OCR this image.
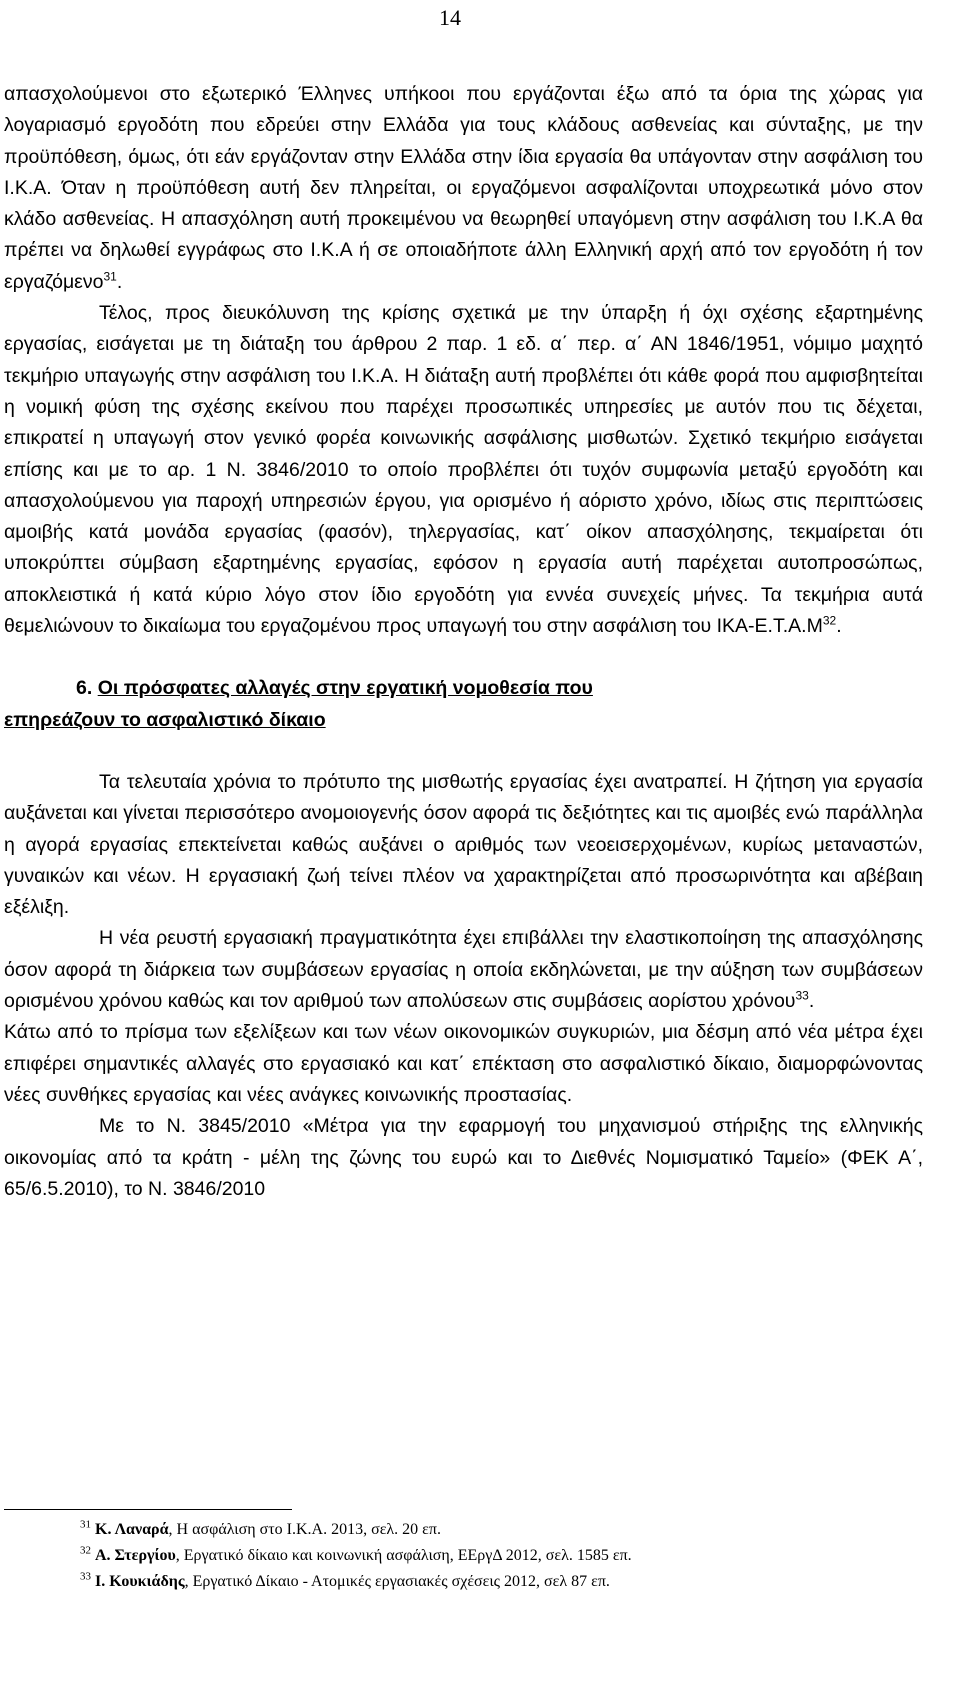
14

απασχολούμενοι στο εξωτερικό Έλληνες υπήκοοι που εργάζονται έξω από τα όρια της χώρας για λογαριασμό εργοδότη που εδρεύει στην Ελλάδα για τους κλάδους ασθενείας και σύνταξης, με την προϋπόθεση, όμως, ότι εάν εργάζονταν στην Ελλάδα στην ίδια εργασία θα υπάγονταν στην ασφάλιση του Ι.Κ.Α. Όταν η προϋπόθεση αυτή δεν πληρείται, οι εργαζόμενοι ασφαλίζονται υποχρεωτικά μόνο στον κλάδο ασθενείας. Η απασχόληση αυτή προκειμένου να θεωρηθεί υπαγόμενη στην ασφάλιση του Ι.Κ.Α θα πρέπει να δηλωθεί εγγράφως στο Ι.Κ.Α ή σε οποιαδήποτε άλλη Ελληνική αρχή από τον εργοδότη ή τον εργαζόμενο$^{31}$.

Τέλος, προς διευκόλυνση της κρίσης σχετικά με την ύπαρξη ή όχι σχέσης εξαρτημένης εργασίας, εισάγεται με τη διάταξη του άρθρου 2 παρ. 1 εδ. α΄ περ. α΄ ΑΝ 1846/1951, νόμιμο μαχητό τεκμήριο υπαγωγής στην ασφάλιση του Ι.Κ.Α. Η διάταξη αυτή προβλέπει ότι κάθε φορά που αμφισβητείται η νομική φύση της σχέσης εκείνου που παρέχει προσωπικές υπηρεσίες με αυτόν που τις δέχεται, επικρατεί η υπαγωγή στον γενικό φορέα κοινωνικής ασφάλισης μισθωτών. Σχετικό τεκμήριο εισάγεται επίσης και με το αρ. 1 Ν. 3846/2010 το οποίο προβλέπει ότι τυχόν συμφωνία μεταξύ εργοδότη και απασχολούμενου για παροχή υπηρεσιών έργου, για ορισμένο ή αόριστο χρόνο, ιδίως στις περιπτώσεις αμοιβής κατά μονάδα εργασίας (φασόν), τηλεργασίας, κατ΄ οίκον απασχόλησης, τεκμαίρεται ότι υποκρύπτει σύμβαση εξαρτημένης εργασίας, εφόσον η εργασία αυτή παρέχεται αυτοπροσώπως, αποκλειστικά ή κατά κύριο λόγο στον ίδιο εργοδότη για εννέα συνεχείς μήνες. Τα τεκμήρια αυτά θεμελιώνουν το δικαίωμα του εργαζομένου προς υπαγωγή του στην ασφάλιση του ΙΚΑ-$E.T.A.M^{32}$.

6. Οι πρόσφατες αλλαγές στην εργατική νομοθεσία που

επηρεάζουν το ασφαλιστικό δίκαιο

Τα τελευταία χρόνια το πρότυπο της μισθωτής εργασίας έχει ανατραπεί. Η ζήτηση για εργασία αυξάνεται και γίνεται περισσότερο ανομοιογενής όσον αφορά τις δεξιότητες και τις αμοιβές ενώ παράλληλα η αγορά εργασίας επεκτείνεται καθώς αυξάνει ο αριθμός των νεοεισερχομένων, κυρίως μεταναστών, γυναικών και νέων. Η εργασιακή ζωή τείνει πλέον να χαρακτηρίζεται από προσωρινότητα και αβέβαιη εξέλιξη.

Η νέα ρευστή εργασιακή πραγματικότητα έχει επιβάλλει την ελαστικοποίηση της απασχόλησης όσον αφορά τη διάρκεια των συμβάσεων εργασίας η οποία εκδηλώνεται, με την αύξηση των συμβάσεων ορισμένου χρόνου καθώς και τον αριθμού των απολύσεων στις συμβάσεις αορίστου χρόνου$^{33}$.

Κάτω από το πρίσμα των εξελίξεων και των νέων οικονομικών συγκυριών, μια δέσμη από νέα μέτρα έχει επιφέρει σημαντικές αλλαγές στο εργασιακό και κατ΄ επέκταση στο ασφαλιστικό δίκαιο, διαμορφώνοντας νέες συνθήκες εργασίας και νέες ανάγκες κοινωνικής προστασίας.

Με το Ν. 3845/2010 «Μέτρα για την εφαρμογή του μηχανισμού στήριξης της ελληνικής οικονομίας από τα κράτη - μέλη της ζώνης του ευρώ και το Διεθνές Νομισματικό Ταμείο» (ΦΕΚ Α΄, 65/6.5.2010), το Ν. 3846/2010

$^{31}$ Κ. Λαναρά, Η ασφάλιση στο Ι.Κ.Α. 2013, σελ. 20 επ.
$^{32}$ Α. Στεργίου, Εργατικό δίκαιο και κοινωνική ασφάλιση, ΕΕργΔ 2012, σελ. 1585 επ.
$^{33}$ Ι. Κουκιάδης, Εργατικό Δίκαιο - Ατομικές εργασιακές σχέσεις 2012, σελ 87 επ.
